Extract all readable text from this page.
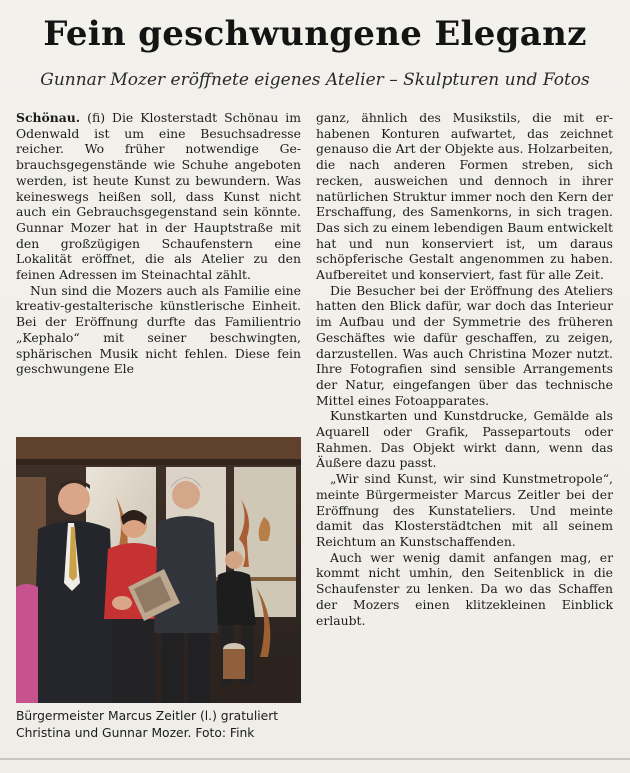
Fein geschwungene Eleganz
Gunnar Mozer eröffnete eigenes Atelier – Skulpturen und Fotos

Schönau. (fi) Die Klosterstadt Schönau im Odenwald ist um eine Besuchsadresse reicher. Wo früher notwendige Gebrauchsgegenstände wie Schuhe angeboten werden, ist heute Kunst zu bewundern. Was keineswegs heißen soll, dass Kunst nicht auch ein Gebrauchsgegenstand sein könnte. Gunnar Mozer hat in der Hauptstraße mit den großzügigen Schaufenstern eine Lokalität eröffnet, die als Atelier zu den feinen Adressen im Steinachtal zählt.

Nun sind die Mozers auch als Familie eine kreativ-gestalterische künstlerische Einheit. Bei der Eröffnung durfte das Familientrio „Kephalo“ mit seiner beschwingten, sphärischen Musik nicht fehlen. Diese fein geschwungene Ele

ganz, ähnlich des Musikstils, die mit erhabenen Konturen aufwartet, das zeichnet genauso die Art der Objekte aus. Holzarbeiten, die nach anderen Formen streben, sich recken, ausweichen und dennoch in ihrer natürlichen Struktur immer noch den Kern der Erschaffung, des Samenkorns, in sich tragen. Das sich zu einem lebendigen Baum entwickelt hat und nun konserviert ist, um daraus schöpferische Gestalt angenommen zu haben. Aufbereitet und konserviert, fast für alle Zeit.

Die Besucher bei der Eröffnung des Ateliers hatten den Blick dafür, war doch das Interieur im Aufbau und der Symmetrie des früheren Geschäftes wie dafür geschaffen, zu zeigen, darzustellen. Was auch Christina Mozer nutzt. Ihre Fotografien sind sensible Arrangements der Natur, eingefangen über das technische Mittel eines Fotoapparates.

Kunstkarten und Kunstdrucke, Gemälde als Aquarell oder Grafik, Passepartouts oder Rahmen. Das Objekt wirkt dann, wenn das Äußere dazu passt.

„Wir sind Kunst, wir sind Kunstmetropole“, meinte Bürgermeister Marcus Zeitler bei der Eröffnung des Kunstateliers. Und meinte damit das Klosterstädtchen mit all seinem Reichtum an Kunstschaffenden.

Auch wer wenig damit anfangen mag, er kommt nicht umhin, den Seitenblick in die Schaufenster zu lenken. Da wo das Schaffen der Mozers einen klitzekleinen Einblick erlaubt.

Bürgermeister Marcus Zeitler (l.) gratuliert Christina und Gunnar Mozer. Foto: Fink
